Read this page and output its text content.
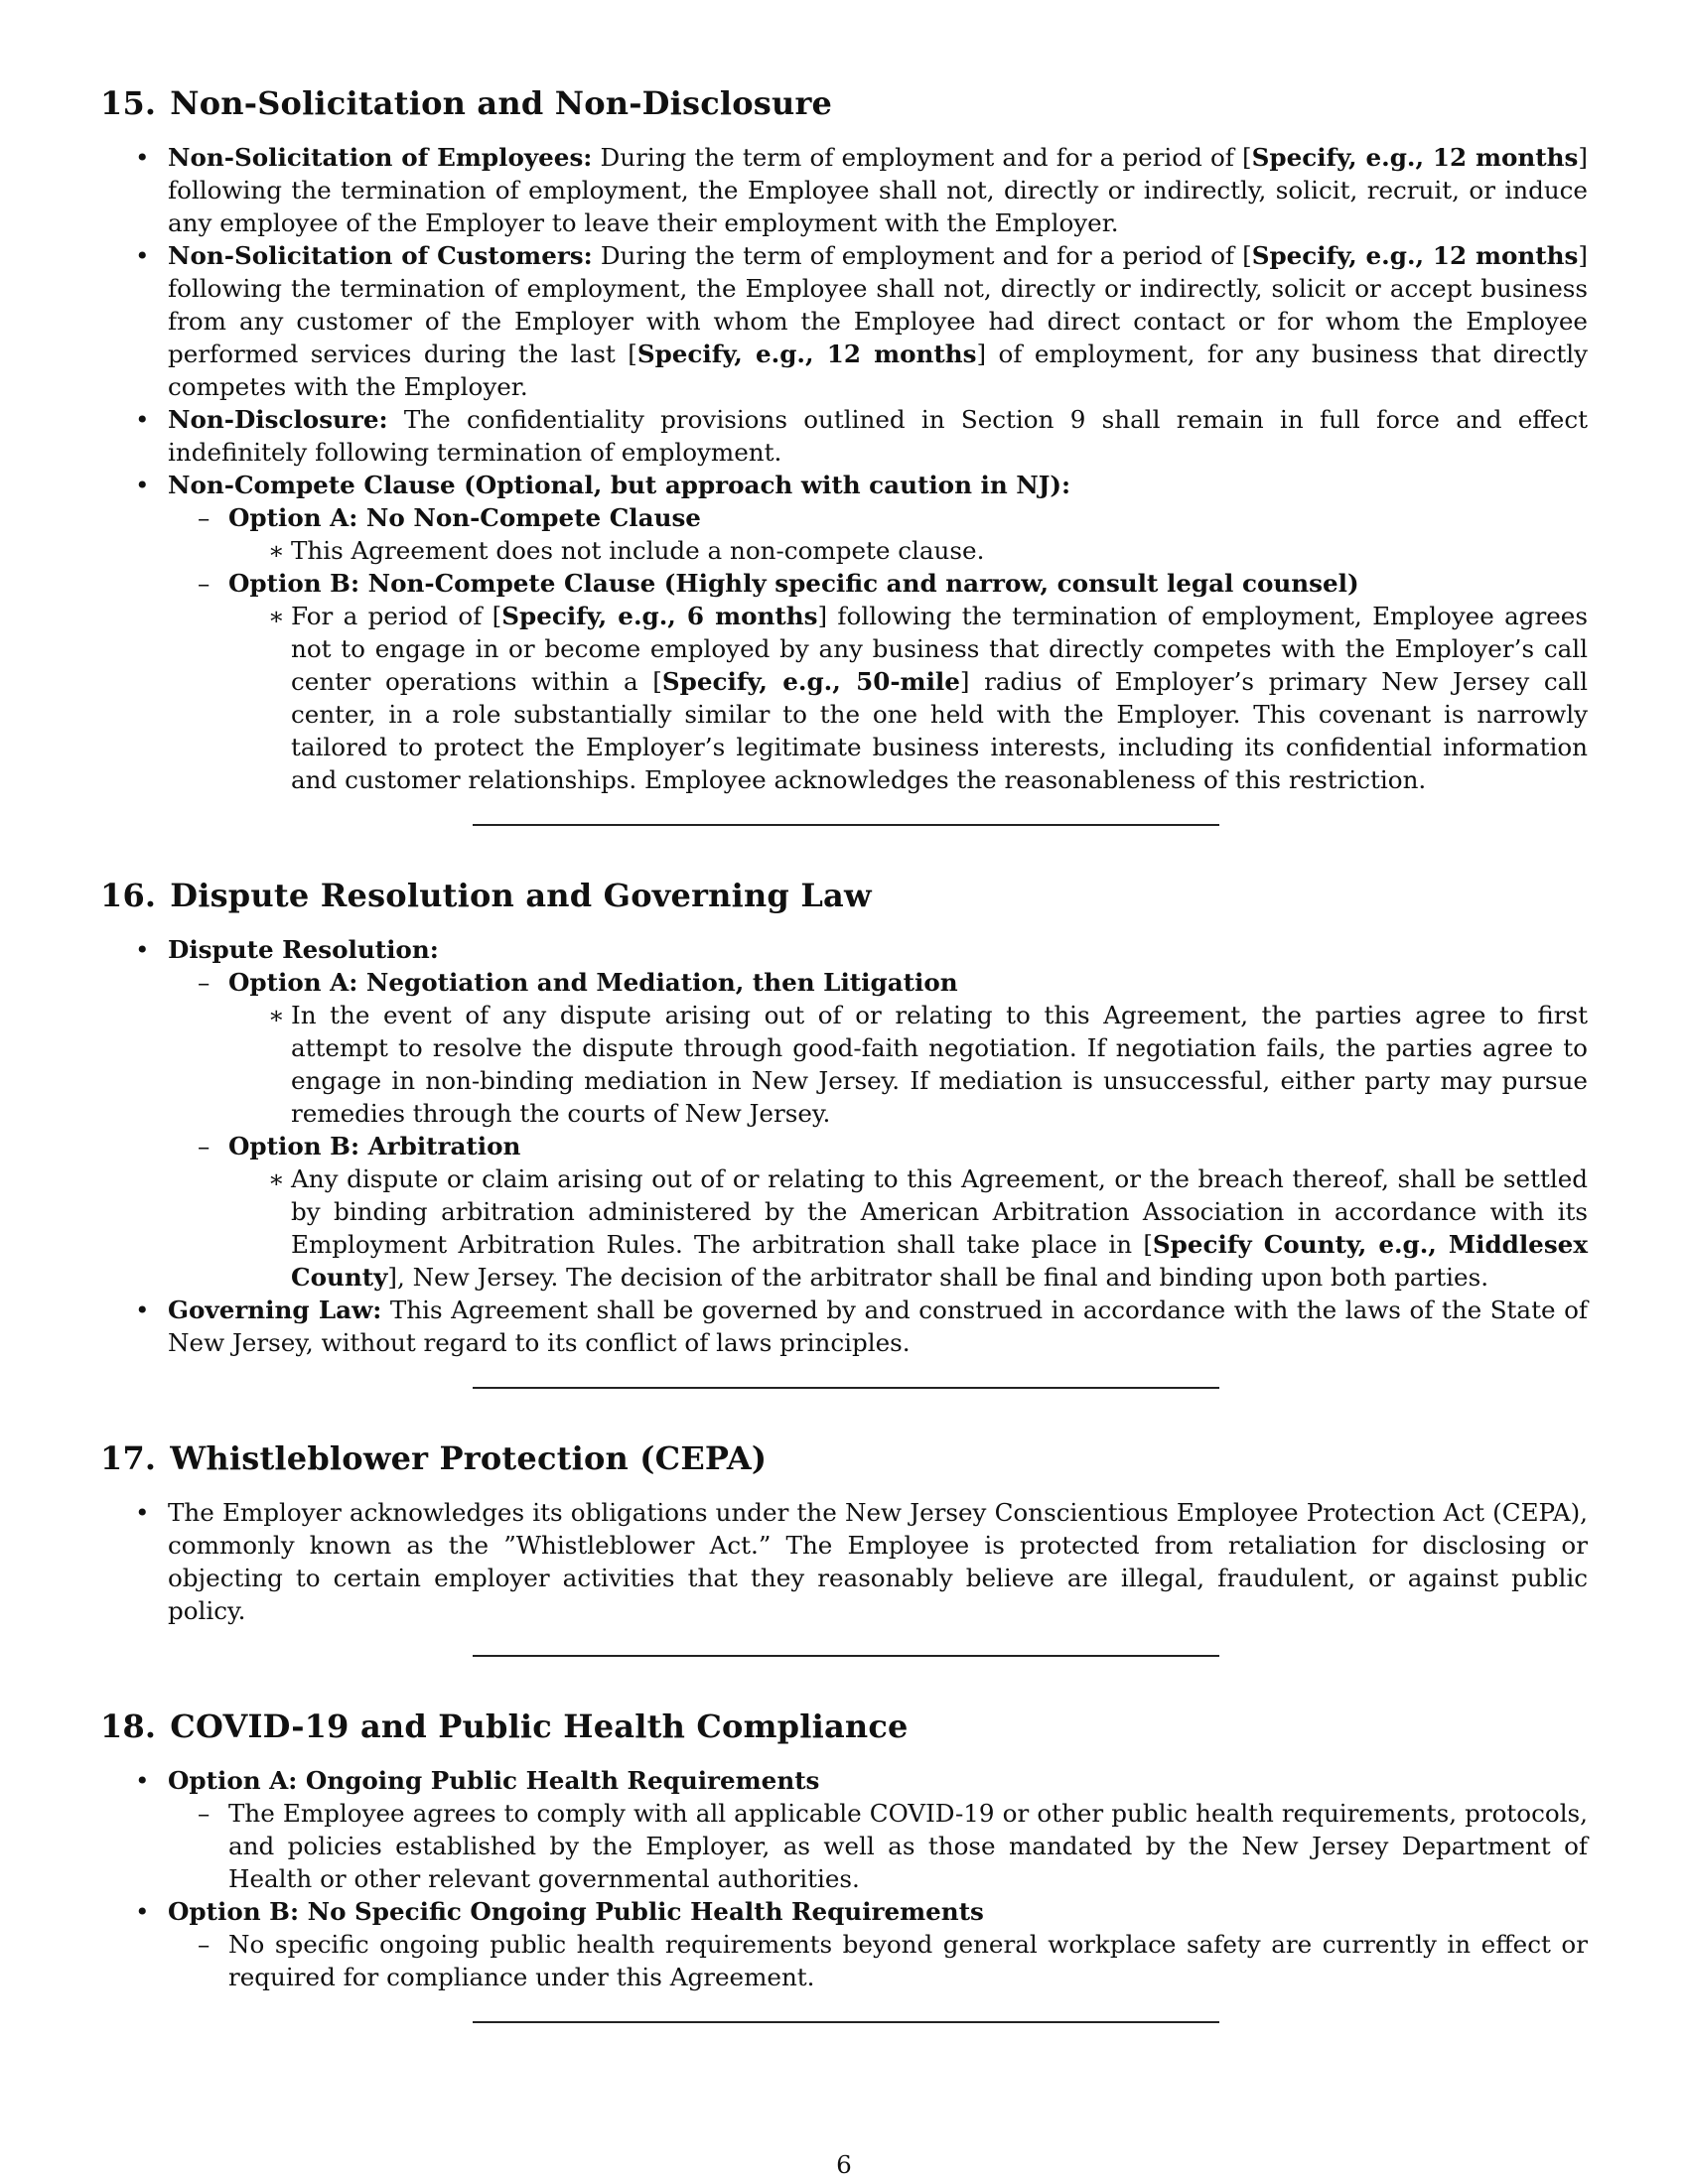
15. Non-Solicitation and Non-Disclosure
• Non-Solicitation of Employees: During the term of employment and for a period of [Specify, e.g., 12 months] following the termination of employment, the Employee shall not, directly or indirectly, solicit, recruit, or induce any employee of the Employer to leave their employment with the Employer.
• Non-Solicitation of Customers: During the term of employment and for a period of [Specify, e.g., 12 months] following the termination of employment, the Employee shall not, directly or indirectly, solicit or accept business from any customer of the Employer with whom the Employee had direct contact or for whom the Employee performed services during the last [Specify, e.g., 12 months] of employment, for any business that directly competes with the Employer.
• Non-Disclosure: The confidentiality provisions outlined in Section 9 shall remain in full force and effect indefinitely following termination of employment.
• Non-Compete Clause (Optional, but approach with caution in NJ):
– Option A: No Non-Compete Clause
∗ This Agreement does not include a non-compete clause.
– Option B: Non-Compete Clause (Highly specific and narrow, consult legal counsel)
∗ For a period of [Specify, e.g., 6 months] following the termination of employment, Employee agrees not to engage in or become employed by any business that directly competes with the Employer’s call center operations within a [Specify, e.g., 50-mile] radius of Employer’s primary New Jersey call center, in a role substantially similar to the one held with the Employer. This covenant is narrowly tailored to protect the Employer’s legitimate business interests, including its confidential information and customer relationships. Employee acknowledges the reasonableness of this restriction.
16. Dispute Resolution and Governing Law
• Dispute Resolution:
– Option A: Negotiation and Mediation, then Litigation
∗ In the event of any dispute arising out of or relating to this Agreement, the parties agree to first attempt to resolve the dispute through good-faith negotiation. If negotiation fails, the parties agree to engage in non-binding mediation in New Jersey. If mediation is unsuccessful, either party may pursue remedies through the courts of New Jersey.
– Option B: Arbitration
∗ Any dispute or claim arising out of or relating to this Agreement, or the breach thereof, shall be settled by binding arbitration administered by the American Arbitration Association in accordance with its Employment Arbitration Rules. The arbitration shall take place in [Specify County, e.g., Middlesex County], New Jersey. The decision of the arbitrator shall be final and binding upon both parties.
• Governing Law: This Agreement shall be governed by and construed in accordance with the laws of the State of New Jersey, without regard to its conflict of laws principles.
17. Whistleblower Protection (CEPA)
• The Employer acknowledges its obligations under the New Jersey Conscientious Employee Protection Act (CEPA), commonly known as the ”Whistleblower Act.” The Employee is protected from retaliation for disclosing or objecting to certain employer activities that they reasonably believe are illegal, fraudulent, or against public policy.
18. COVID-19 and Public Health Compliance
• Option A: Ongoing Public Health Requirements
– The Employee agrees to comply with all applicable COVID-19 or other public health requirements, protocols, and policies established by the Employer, as well as those mandated by the New Jersey Department of Health or other relevant governmental authorities.
• Option B: No Specific Ongoing Public Health Requirements
– No specific ongoing public health requirements beyond general workplace safety are currently in effect or required for compliance under this Agreement.
6
